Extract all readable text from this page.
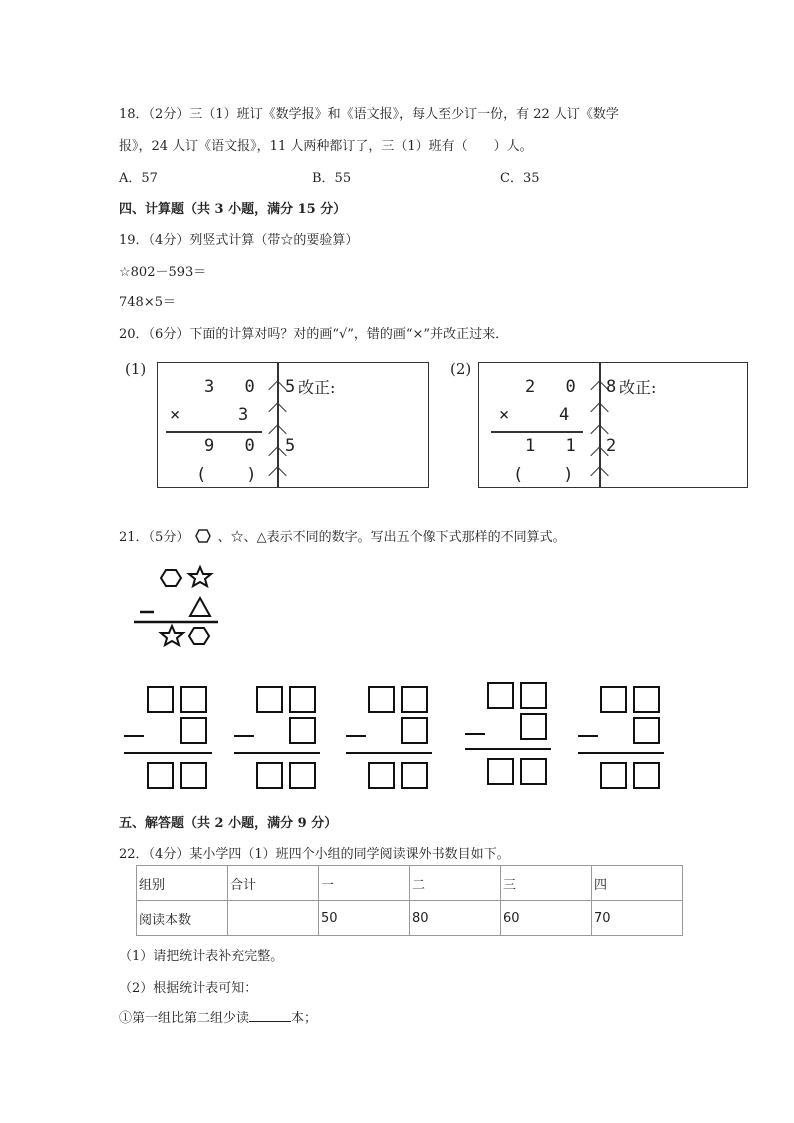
18．（2分）三（1）班订《数学报》和《语文报》，每人至少订一份，有 22 人订《数学
报》，24 人订《语文报》，11 人两种都订了，三（1）班有（　　）人。
A．57	B．55	C．35
四、计算题（共 3 小题，满分 15 分）
19．（4分）列竖式计算（带☆的要验算）
☆802－593＝
748×5＝
20．（6分）下面的计算对吗？对的画“√”，错的画“×”并改正过来．
(1)
3 0 5
×	3
9 0 5
(　　)
改正:
(2)
2 0 8
× 4
1 1 2
(　　)
改正:
21．（5分） 、☆、△表示不同的数字。写出五个像下式那样的不同算式。
五、解答题（共 2 小题，满分 9 分）
22．（4分）某小学四（1）班四个小组的同学阅读课外书数目如下。
组别	合计	一	二	三	四
阅读本数		50	80	60	70
（1）请把统计表补充完整。
（2）根据统计表可知：
①第一组比第二组少读	本；
